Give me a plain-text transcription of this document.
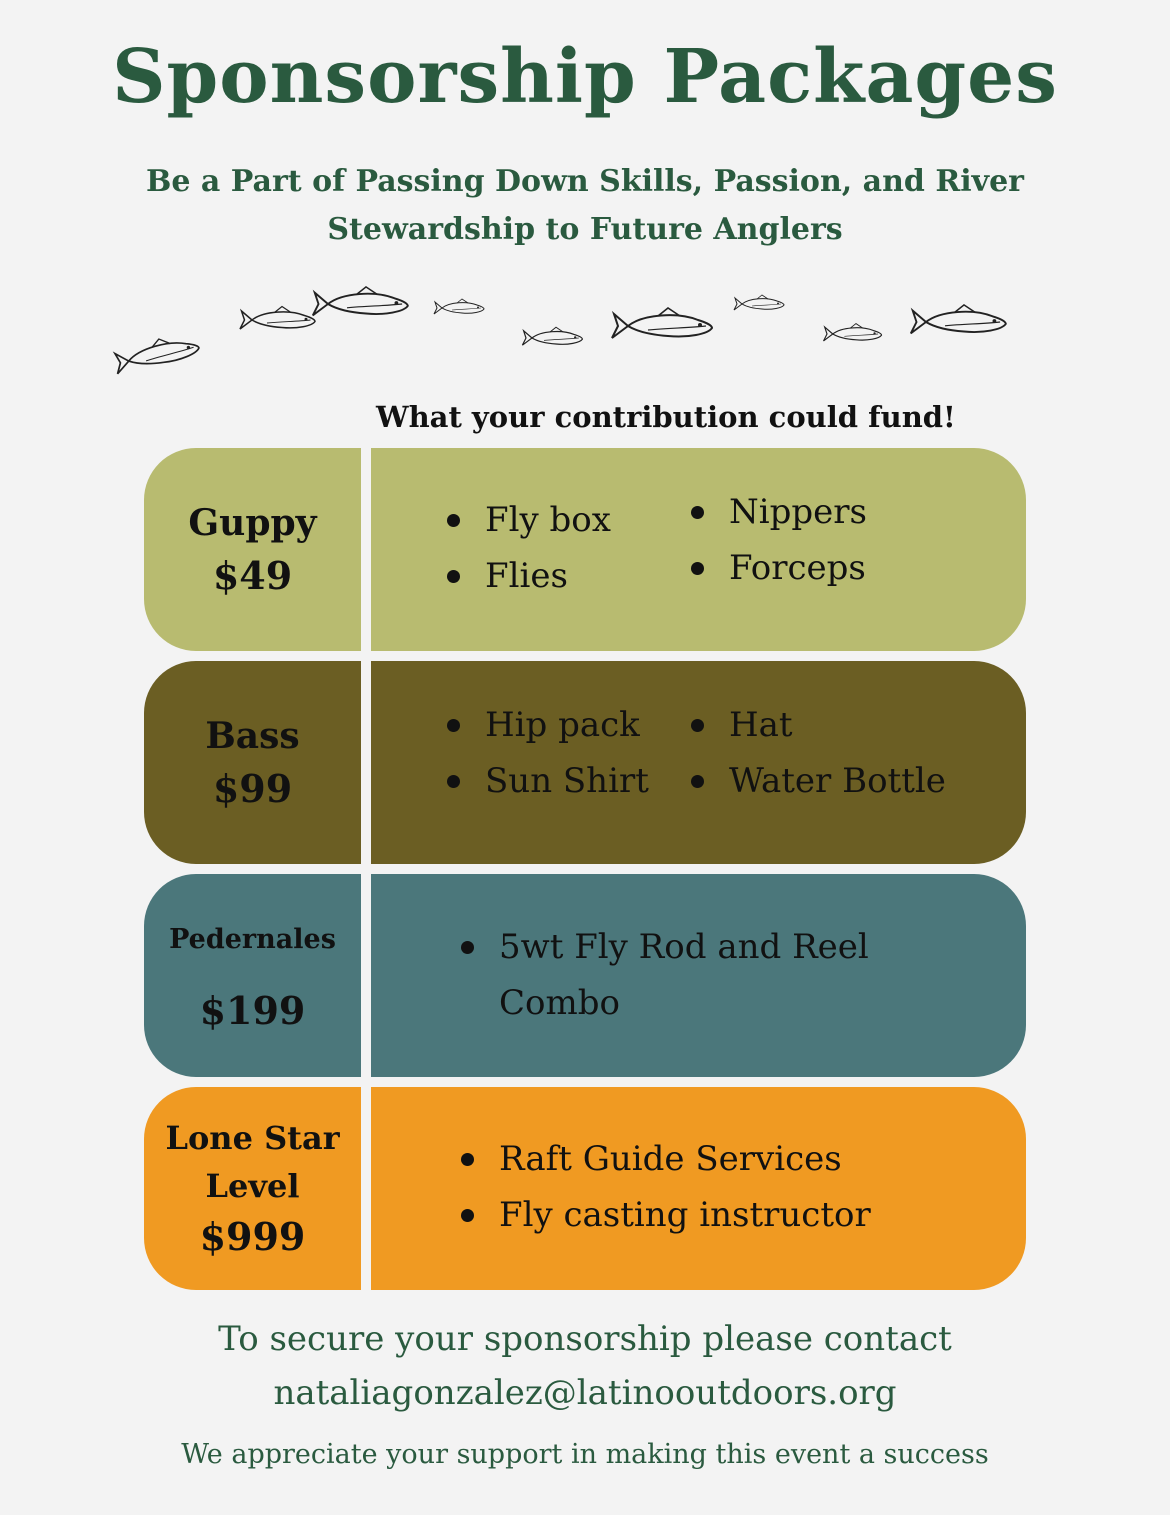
Sponsorship Packages
Be a Part of Passing Down Skills, Passion, and River
Stewardship to Future Anglers
What your contribution could fund!
Guppy
$49
Fly box
Flies
Nippers
Forceps
Bass
$99
Hip pack
Sun Shirt
Hat
Water Bottle
Pedernales
$199
5wt Fly Rod and Reel Combo
Lone Star
Level
$999
Raft Guide Services
Fly casting instructor
To secure your sponsorship please contact
nataliagonzalez@latinooutdoors.org
We appreciate your support in making this event a success
